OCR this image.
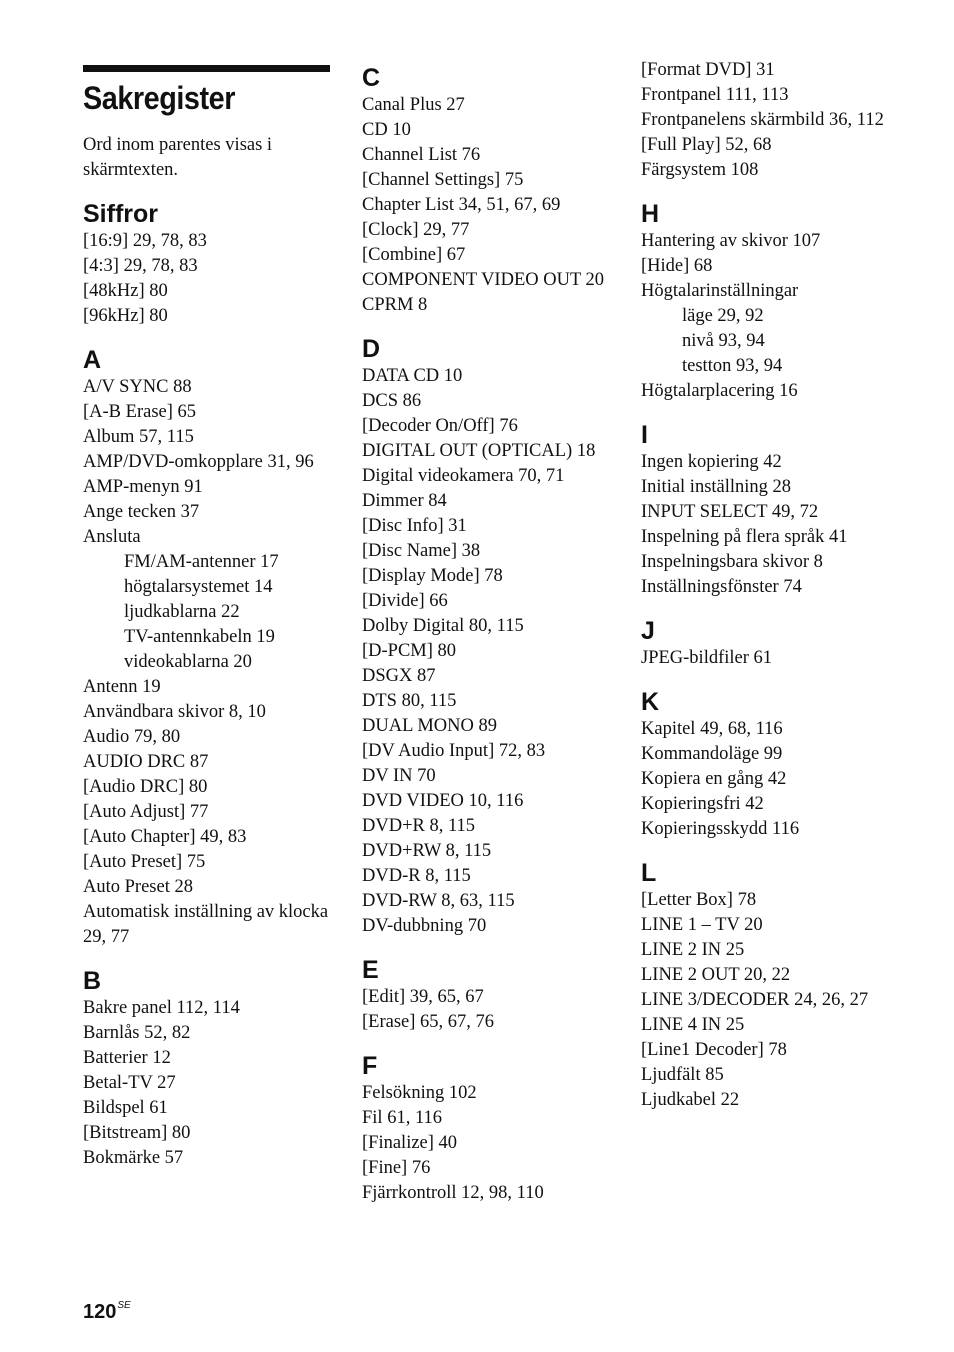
Sakregister

Ord inom parentes visas i skärmtexten.

Siffror

[16:9] 29, 78, 83

[4:3] 29, 78, 83

[48kHz] 80

[96kHz] 80

A

A/V SYNC 88

[A-B Erase] 65

Album 57, 115

AMP/DVD-omkopplare 31, 96

AMP-menyn 91

Ange tecken 37

Ansluta

FM/AM-antenner 17

högtalarsystemet 14

ljudkablarna 22

TV-antennkabeln 19

videokablarna 20

Antenn 19

Användbara skivor 8, 10

Audio 79, 80

AUDIO DRC 87

[Audio DRC] 80

[Auto Adjust] 77

[Auto Chapter] 49, 83

[Auto Preset] 75

Auto Preset 28

Automatisk inställning av klocka 29, 77

B

Bakre panel 112, 114

Barnlås 52, 82

Batterier 12

Betal-TV 27

Bildspel 61

[Bitstream] 80

Bokmärke 57

C

Canal Plus 27

CD 10

Channel List 76

[Channel Settings] 75

Chapter List 34, 51, 67, 69

[Clock] 29, 77

[Combine] 67

COMPONENT VIDEO OUT 20

CPRM 8

D

DATA CD 10

DCS 86

[Decoder On/Off] 76

DIGITAL OUT (OPTICAL) 18

Digital videokamera 70, 71

Dimmer 84

[Disc Info] 31

[Disc Name] 38

[Display Mode] 78

[Divide] 66

Dolby Digital 80, 115

[D-PCM] 80

DSGX 87

DTS 80, 115

DUAL MONO 89

[DV Audio Input] 72, 83

DV IN 70

DVD VIDEO 10, 116

DVD+R 8, 115

DVD+RW 8, 115

DVD-R 8, 115

DVD-RW 8, 63, 115

DV-dubbning 70

E

[Edit] 39, 65, 67

[Erase] 65, 67, 76

F

Felsökning 102

Fil 61, 116

[Finalize] 40

[Fine] 76

Fjärrkontroll 12, 98, 110

[Format DVD] 31

Frontpanel 111, 113

Frontpanelens skärmbild 36, 112

[Full Play] 52, 68

Färgsystem 108

H

Hantering av skivor 107

[Hide] 68

Högtalarinställningar

läge 29, 92

nivå 93, 94

testton 93, 94

Högtalarplacering 16

I

Ingen kopiering 42

Initial inställning 28

INPUT SELECT 49, 72

Inspelning på flera språk 41

Inspelningsbara skivor 8

Inställningsfönster 74

J

JPEG-bildfiler 61

K

Kapitel 49, 68, 116

Kommandoläge 99

Kopiera en gång 42

Kopieringsfri 42

Kopieringsskydd 116

L

[Letter Box] 78

LINE 1 – TV 20

LINE 2 IN 25

LINE 2 OUT 20, 22

LINE 3/DECODER 24, 26, 27

LINE 4 IN 25

[Line1 Decoder] 78

Ljudfält 85

Ljudkabel 22

$120^{SE}$
